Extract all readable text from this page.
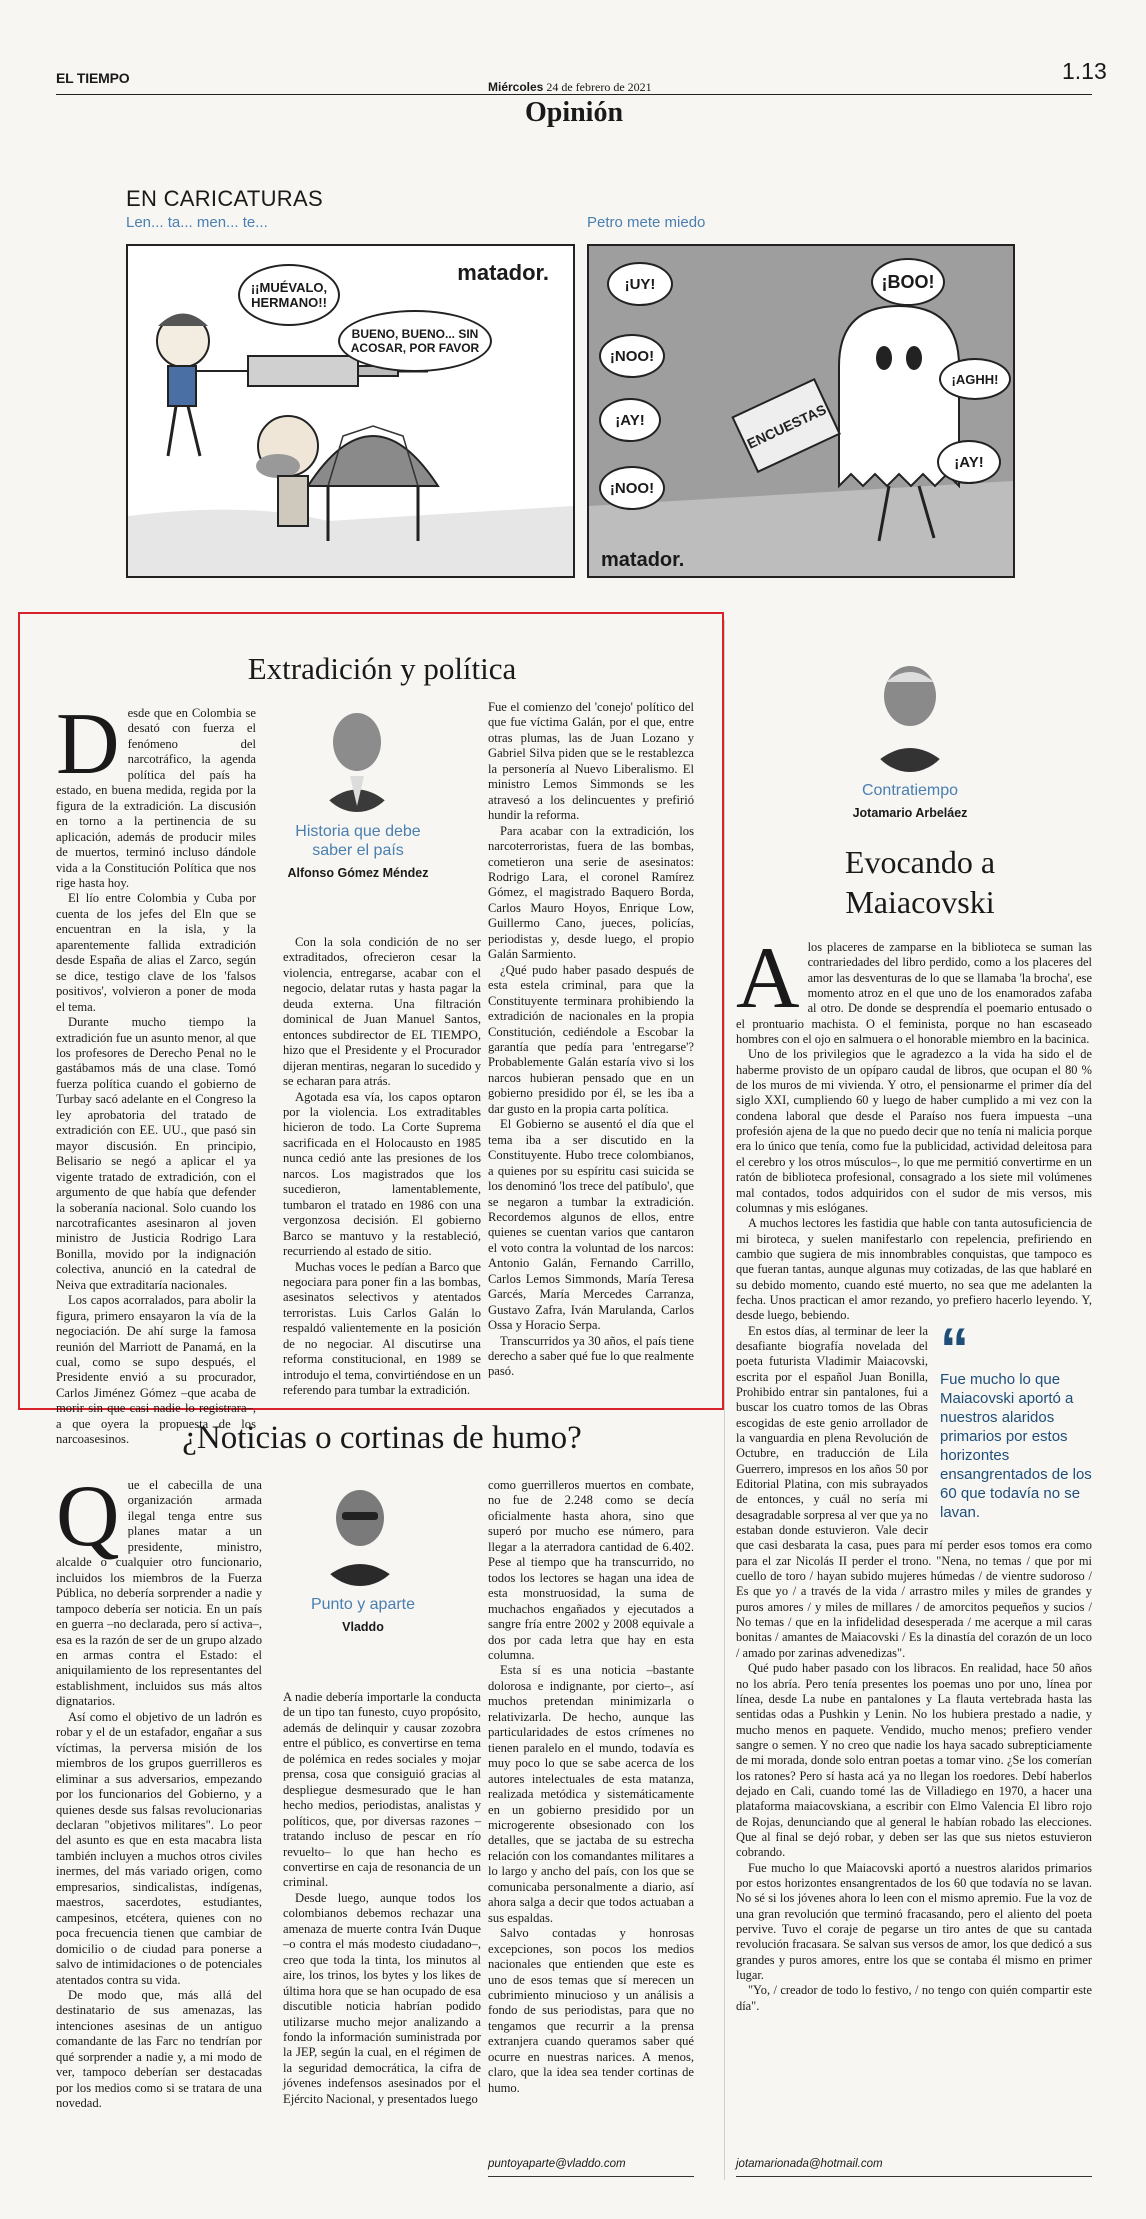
EL TIEMPO
Miércoles 24 de febrero de 2021
1.13
Opinión
EN CARICATURAS
Len... ta... men... te...	Petro mete miedo
¡¡MUÉVALO, HERMANO!!
BUENO, BUENO... SIN ACOSAR, POR FAVOR
matador.
ENCUESTAS
¡UY!
¡NOO!
¡AY!
¡NOO!
¡BOO!
¡AGHH!
¡AY!
matador.
Extradición y política
D esde que en Colombia se desató con fuerza el fenómeno del narcotráfico, la agenda política del país ha estado, en buena medida, regida por la figura de la extradición. La discusión en torno a la pertinencia de su aplicación, además de producir miles de muertos, terminó incluso dándole vida a la Constitución Política que nos rige hasta hoy.

El lío entre Colombia y Cuba por cuenta de los jefes del Eln que se encuentran en la isla, y la aparentemente fallida extradición desde España de alias el Zarco, según se dice, testigo clave de los 'falsos positivos', volvieron a poner de moda el tema.

Durante mucho tiempo la extradición fue un asunto menor, al que los profesores de Derecho Penal no le gastábamos más de una clase. Tomó fuerza política cuando el gobierno de Turbay sacó adelante en el Congreso la ley aprobatoria del tratado de extradición con EE. UU., que pasó sin mayor discusión. En principio, Belisario se negó a aplicar el ya vigente tratado de extradición, con el argumento de que había que defender la soberanía nacional. Solo cuando los narcotraficantes asesinaron al joven ministro de Justicia Rodrigo Lara Bonilla, movido por la indignación colectiva, anunció en la catedral de Neiva que extraditaría nacionales.

Los capos acorralados, para abolir la figura, primero ensayaron la vía de la negociación. De ahí surge la famosa reunión del Marriott de Panamá, en la cual, como se supo después, el Presidente envió a su procurador, Carlos Jiménez Gómez –que acaba de morir sin que casi nadie lo registrara–, a que oyera la propuesta de los narcoasesinos.

Historia que debe saber el país
Alfonso Gómez Méndez

Con la sola condición de no ser extraditados, ofrecieron cesar la violencia, entregarse, acabar con el negocio, delatar rutas y hasta pagar la deuda externa. Una filtración dominical de Juan Manuel Santos, entonces subdirector de EL TIEMPO, hizo que el Presidente y el Procurador dijeran mentiras, negaran lo sucedido y se echaran para atrás.

Agotada esa vía, los capos optaron por la violencia. Los extraditables hicieron de todo. La Corte Suprema sacrificada en el Holocausto en 1985 nunca cedió ante las presiones de los narcos. Los magistrados que los sucedieron, lamentablemente, tumbaron el tratado en 1986 con una vergonzosa decisión. El gobierno Barco se mantuvo y la restableció, recurriendo al estado de sitio.

Muchas voces le pedían a Barco que negociara para poner fin a las bombas, asesinatos selectivos y atentados terroristas. Luis Carlos Galán lo respaldó valientemente en la posición de no negociar. Al discutirse una reforma constitucional, en 1989 se introdujo el tema, convirtiéndose en un referendo para tumbar la extradición.

Fue el comienzo del 'conejo' político del que fue víctima Galán, por el que, entre otras plumas, las de Juan Lozano y Gabriel Silva piden que se le restablezca la personería al Nuevo Liberalismo. El ministro Lemos Simmonds se les atravesó a los delincuentes y prefirió hundir la reforma.

Para acabar con la extradición, los narcoterroristas, fuera de las bombas, cometieron una serie de asesinatos: Rodrigo Lara, el coronel Ramírez Gómez, el magistrado Baquero Borda, Carlos Mauro Hoyos, Enrique Low, Guillermo Cano, jueces, policías, periodistas y, desde luego, el propio Galán Sarmiento.

¿Qué pudo haber pasado después de esta estela criminal, para que la Constituyente terminara prohibiendo la extradición de nacionales en la propia Constitución, cediéndole a Escobar la garantía que pedía para 'entregarse'? Probablemente Galán estaría vivo si los narcos hubieran pensado que en un gobierno presidido por él, se les iba a dar gusto en la propia carta política.

El Gobierno se ausentó el día que el tema iba a ser discutido en la Constituyente. Hubo trece colombianos, a quienes por su espíritu casi suicida se los denominó 'los trece del patíbulo', que se negaron a tumbar la extradición. Recordemos algunos de ellos, entre quienes se cuentan varios que cantaron el voto contra la voluntad de los narcos: Antonio Galán, Fernando Carrillo, Carlos Lemos Simmonds, María Teresa Garcés, María Mercedes Carranza, Gustavo Zafra, Iván Marulanda, Carlos Ossa y Horacio Serpa.

Transcurridos ya 30 años, el país tiene derecho a saber qué fue lo que realmente pasó.

¿Noticias o cortinas de humo?
Q ue el cabecilla de una organización armada ilegal tenga entre sus planes matar a un presidente, ministro, alcalde o cualquier otro funcionario, incluidos los miembros de la Fuerza Pública, no debería sorprender a nadie y tampoco debería ser noticia. En un país en guerra –no declarada, pero sí activa–, esa es la razón de ser de un grupo alzado en armas contra el Estado: el aniquilamiento de los representantes del establishment, incluidos sus más altos dignatarios.

Así como el objetivo de un ladrón es robar y el de un estafador, engañar a sus víctimas, la perversa misión de los miembros de los grupos guerrilleros es eliminar a sus adversarios, empezando por los funcionarios del Gobierno, y a quienes desde sus falsas revolucionarias declaran "objetivos militares". Lo peor del asunto es que en esta macabra lista también incluyen a muchos otros civiles inermes, del más variado origen, como empresarios, sindicalistas, indígenas, maestros, sacerdotes, estudiantes, campesinos, etcétera, quienes con no poca frecuencia tienen que cambiar de domicilio o de ciudad para ponerse a salvo de intimidaciones o de potenciales atentados contra su vida.

De modo que, más allá del destinatario de sus amenazas, las intenciones asesinas de un antiguo comandante de las Farc no tendrían por qué sorprender a nadie y, a mi modo de ver, tampoco deberían ser destacadas por los medios como si se tratara de una novedad.

Punto y aparte
Vladdo

A nadie debería importarle la conducta de un tipo tan funesto, cuyo propósito, además de delinquir y causar zozobra entre el público, es convertirse en tema de polémica en redes sociales y mojar prensa, cosa que consiguió gracias al despliegue desmesurado que le han hecho medios, periodistas, analistas y políticos, que, por diversas razones –tratando incluso de pescar en río revuelto– lo que han hecho es convertirse en caja de resonancia de un criminal.

Desde luego, aunque todos los colombianos debemos rechazar una amenaza de muerte contra Iván Duque –o contra el más modesto ciudadano–, creo que toda la tinta, los minutos al aire, los trinos, los bytes y los likes de última hora que se han ocupado de esa discutible noticia habrían podido utilizarse mucho mejor analizando a fondo la información suministrada por la JEP, según la cual, en el régimen de la seguridad democrática, la cifra de jóvenes indefensos asesinados por el Ejército Nacional, y presentados luego

como guerrilleros muertos en combate, no fue de 2.248 como se decía oficialmente hasta ahora, sino que superó por mucho ese número, para llegar a la aterradora cantidad de 6.402. Pese al tiempo que ha transcurrido, no todos los lectores se hagan una idea de esta monstruosidad, la suma de muchachos engañados y ejecutados a sangre fría entre 2002 y 2008 equivale a dos por cada letra que hay en esta columna.

Esta sí es una noticia –bastante dolorosa e indignante, por cierto–, así muchos pretendan minimizarla o relativizarla. De hecho, aunque las particularidades de estos crímenes no tienen paralelo en el mundo, todavía es muy poco lo que se sabe acerca de los autores intelectuales de esta matanza, realizada metódica y sistemáticamente en un gobierno presidido por un microgerente obsesionado con los detalles, que se jactaba de su estrecha relación con los comandantes militares a lo largo y ancho del país, con los que se comunicaba personalmente a diario, así ahora salga a decir que todos actuaban a sus espaldas.

Salvo contadas y honrosas excepciones, son pocos los medios nacionales que entienden que este es uno de esos temas que sí merecen un cubrimiento minucioso y un análisis a fondo de sus periodistas, para que no tengamos que recurrir a la prensa extranjera cuando queramos saber qué ocurre en nuestras narices. A menos, claro, que la idea sea tender cortinas de humo.

puntoyaparte@vladdo.com
Contratiempo
Jotamario Arbeláez
Evocando a Maiacovski
A los placeres de zamparse en la biblioteca se suman las contrariedades del libro perdido, como a los placeres del amor las desventuras de lo que se llamaba 'la brocha', ese momento atroz en el que uno de los enamorados zafaba al otro. De donde se desprendía el poemario entusado o el prontuario machista. O el feminista, porque no han escaseado hombres con el ojo en salmuera o el honorable miembro en la bacinica.

Uno de los privilegios que le agradezco a la vida ha sido el de haberme provisto de un opíparo caudal de libros, que ocupan el 80 % de los muros de mi vivienda. Y otro, el pensionarme el primer día del siglo XXI, cumpliendo 60 y luego de haber cumplido a mi vez con la condena laboral que desde el Paraíso nos fuera impuesta –una profesión ajena de la que no puedo decir que no tenía ni malicia porque era lo único que tenía, como fue la publicidad, actividad deleitosa para el cerebro y los otros músculos–, lo que me permitió convertirme en un ratón de biblioteca profesional, consagrado a los siete mil volúmenes mal contados, todos adquiridos con el sudor de mis versos, mis columnas y mis eslóganes.

A muchos lectores les fastidia que hable con tanta autosuficiencia de mi biroteca, y suelen manifestarlo con repelencia, prefiriendo en cambio que sugiera de mis innombrables conquistas, que tampoco es que fueran tantas, aunque algunas muy cotizadas, de las que hablaré en su debido momento, cuando esté muerto, no sea que me adelanten la fecha. Unos practican el amor rezando, yo prefiero hacerlo leyendo. Y, desde luego, bebiendo.

“
Fue mucho lo que Maiacovski aportó a nuestros alaridos primarios por estos horizontes ensangrentados de los 60 que todavía no se lavan.

En estos días, al terminar de leer la desafiante biografía novelada del poeta futurista Vladimir Maiacovski, escrita por el español Juan Bonilla, Prohibido entrar sin pantalones, fui a buscar los cuatro tomos de las Obras escogidas de este genio arrollador de la vanguardia en plena Revolución de Octubre, en traducción de Lila Guerrero, impresos en los años 50 por Editorial Platina, con mis subrayados de entonces, y cuál no sería mi desagradable sorpresa al ver que ya no estaban donde estuvieron. Vale decir que casi desbarata la casa, pues para mí perder esos tomos era como para el zar Nicolás II perder el trono. "Nena, no temas / que por mi cuello de toro / hayan subido mujeres húmedas / de vientre sudoroso / Es que yo / a través de la vida / arrastro miles y miles de grandes y puros amores / y miles de millares / de amorcitos pequeños y sucios / No temas / que en la infidelidad desesperada / me acerque a mil caras bonitas / amantes de Maiacovski / Es la dinastía del corazón de un loco / amado por zarinas advenedizas".

Qué pudo haber pasado con los libracos. En realidad, hace 50 años no los abría. Pero tenía presentes los poemas uno por uno, línea por línea, desde La nube en pantalones y La flauta vertebrada hasta las sentidas odas a Pushkin y Lenin. No los hubiera prestado a nadie, y mucho menos en paquete. Vendido, mucho menos; prefiero vender sangre o semen. Y no creo que nadie los haya sacado subrepticiamente de mi morada, donde solo entran poetas a tomar vino. ¿Se los comerían los ratones? Pero sí hasta acá ya no llegan los roedores. Debí haberlos dejado en Cali, cuando tomé las de Villadiego en 1970, a hacer una plataforma maiacovskiana, a escribir con Elmo Valencia El libro rojo de Rojas, denunciando que al general le habían robado las elecciones. Que al final se dejó robar, y deben ser las que sus nietos estuvieron cobrando.

Fue mucho lo que Maiacovski aportó a nuestros alaridos primarios por estos horizontes ensangrentados de los 60 que todavía no se lavan. No sé si los jóvenes ahora lo leen con el mismo apremio. Fue la voz de una gran revolución que terminó fracasando, pero el aliento del poeta pervive. Tuvo el coraje de pegarse un tiro antes de que su cantada revolución fracasara. Se salvan sus versos de amor, los que dedicó a sus grandes y puros amores, entre los que se contaba él mismo en primer lugar.

"Yo, / creador de todo lo festivo, / no tengo con quién compartir este día".

jotamarionada@hotmail.com
